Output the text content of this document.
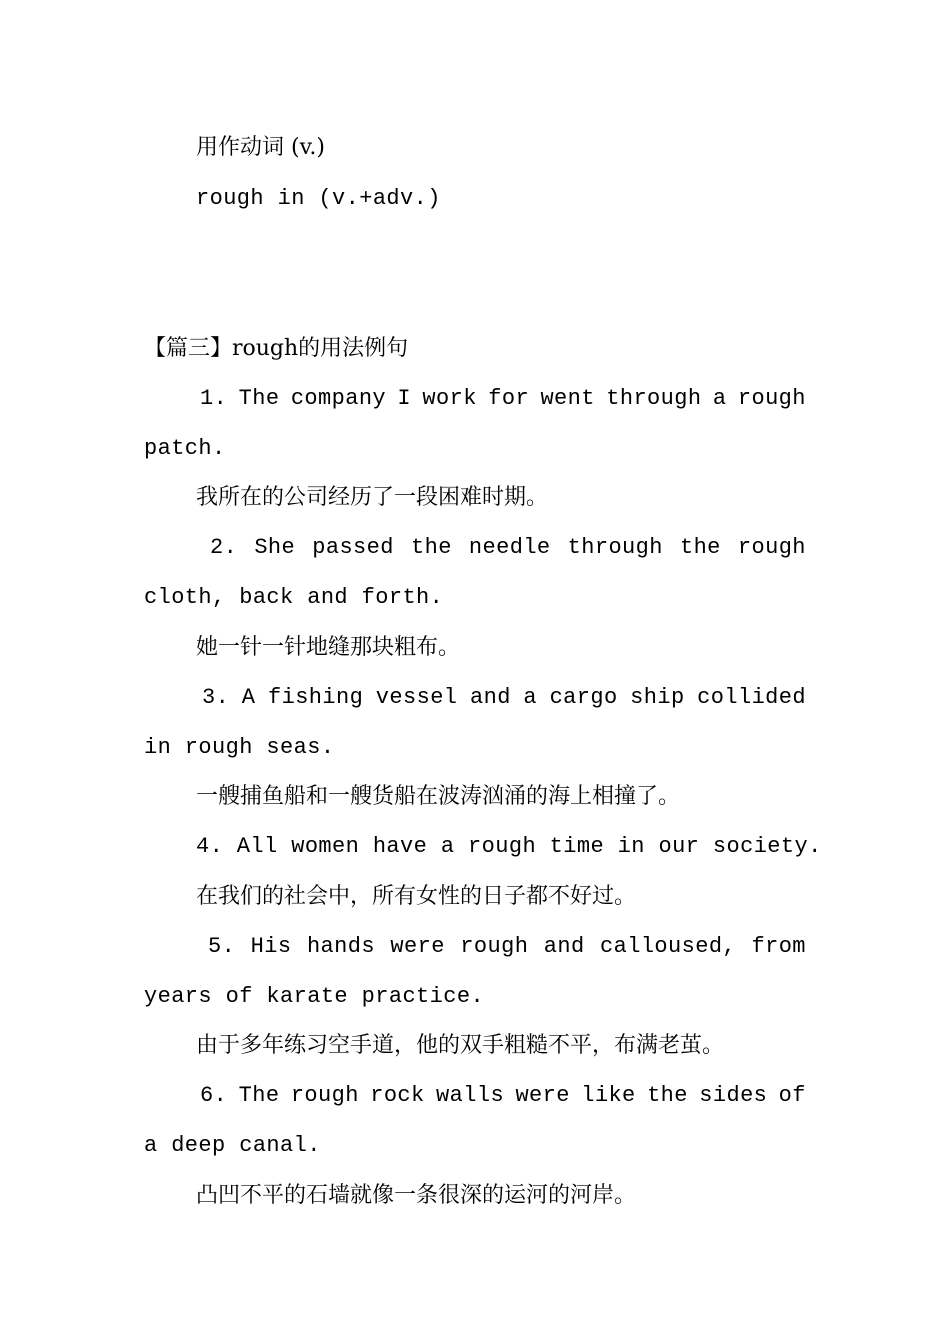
用作动词 (v.)
rough in (v.+adv.)
【篇三】rough的用法例句
1. The company I work for went through a rough
patch.
我所在的公司经历了一段困难时期。
2. She passed the needle through the rough
cloth, back and forth.
她一针一针地缝那块粗布。
3. A fishing vessel and a cargo ship collided
in rough seas.
一艘捕鱼船和一艘货船在波涛汹涌的海上相撞了。
4. All women have a rough time in our society.
在我们的社会中，所有女性的日子都不好过。
5. His hands were rough and calloused, from
years of karate practice.
由于多年练习空手道，他的双手粗糙不平，布满老茧。
6. The rough rock walls were like the sides of
a deep canal.
凸凹不平的石墙就像一条很深的运河的河岸。
